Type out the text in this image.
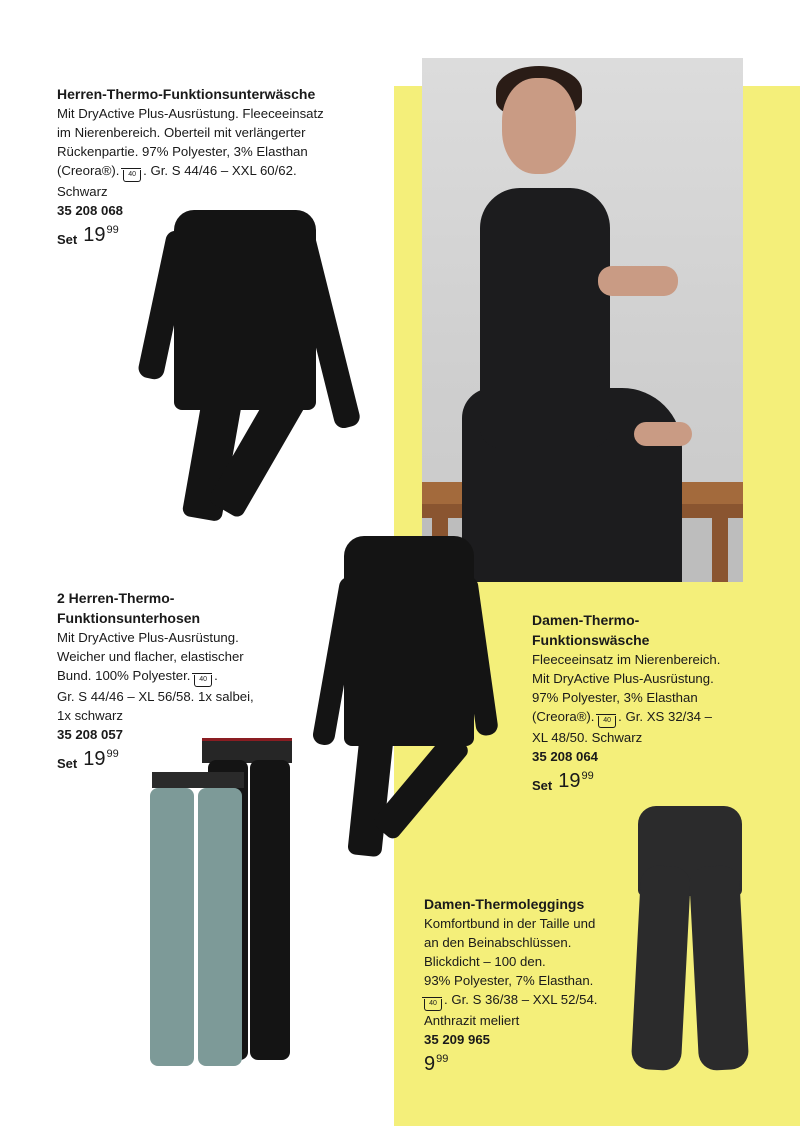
Herren-Thermo-Funktionsunterwäsche
Mit DryActive Plus-Ausrüstung. Fleeceeinsatz
im Nierenbereich. Oberteil mit verlängerter
Rückenpartie. 97% Polyester, 3% Elasthan
(Creora®). 40 . Gr. S 44/46 – XXL 60/62.
Schwarz
35 208 068
Set 19 99
2 Herren-Thermo-
Funktionsunterhosen
Mit DryActive Plus-Ausrüstung.
Weicher und flacher, elastischer
Bund. 100% Polyester. 40 .
Gr. S 44/46 – XL 56/58. 1x salbei,
1x schwarz
35 208 057
Set 19 99
Damen-Thermo-
Funktionswäsche
Fleeceeinsatz im Nierenbereich.
Mit DryActive Plus-Ausrüstung.
97% Polyester, 3% Elasthan
(Creora®). 40 . Gr. XS 32/34 –
XL 48/50. Schwarz
35 208 064
Set 19 99
Damen-Thermoleggings
Komfortbund in der Taille und
an den Beinabschlüssen.
Blickdicht – 100 den.
93% Polyester, 7% Elasthan.
40 . Gr. S 36/38 – XXL 52/54.
Anthrazit meliert
35 209 965
9 99
